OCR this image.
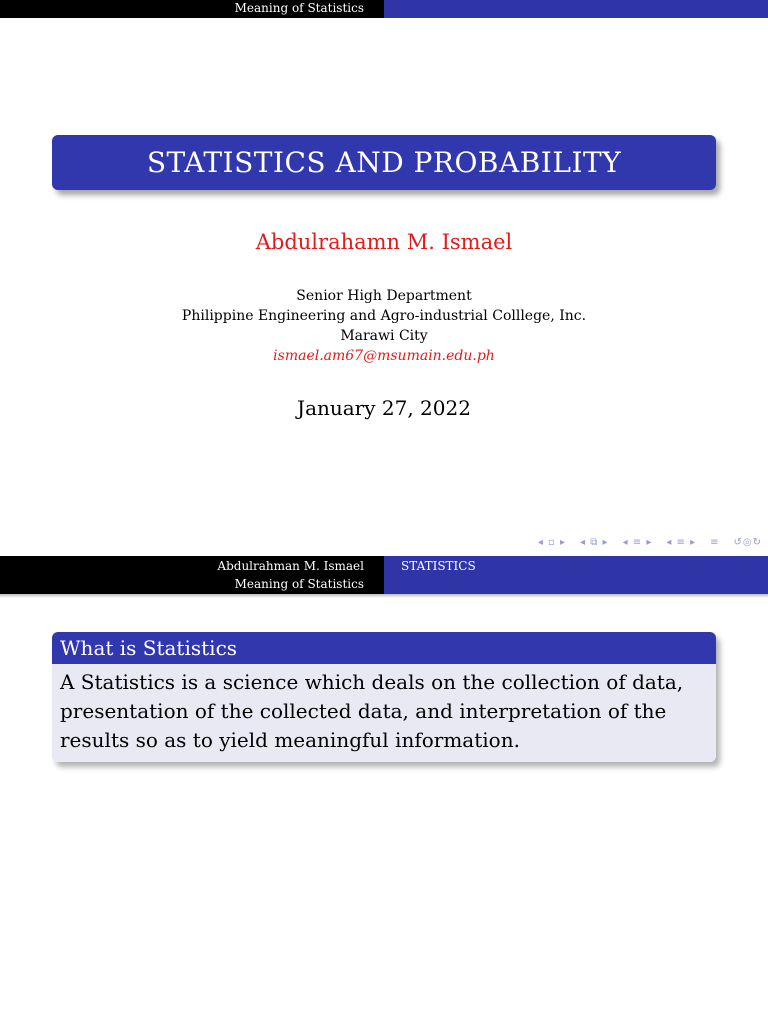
Meaning of Statistics
STATISTICS AND PROBABILITY
Abdulrahamn M. Ismael
Senior High Department
Philippine Engineering and Agro-industrial Colllege, Inc.
Marawi City
ismael.am67@msumain.edu.ph
January 27, 2022
◂ ▫ ▸ ◂ ⧉ ▸ ◂ ≡ ▸ ◂ ≡ ▸ ≡ ↺◎↻
Abdulrahman M. Ismael
Meaning of Statistics
STATISTICS
What is Statistics
A Statistics is a science which deals on the collection of data, presentation of the collected data, and interpretation of the results so as to yield meaningful information.
